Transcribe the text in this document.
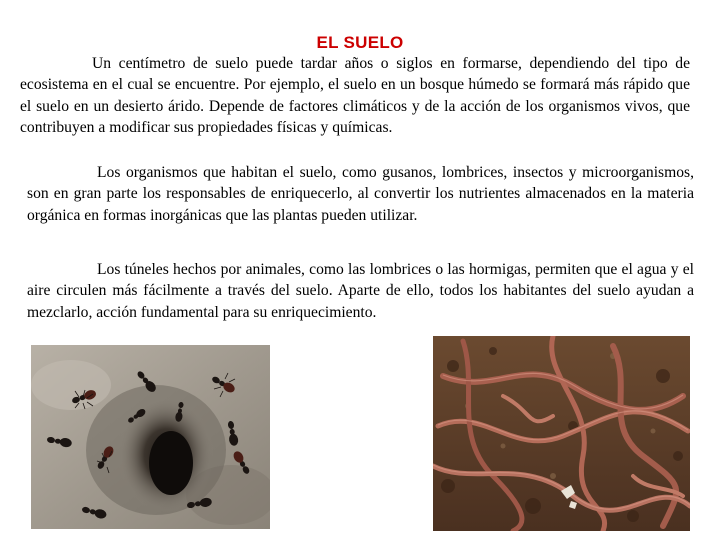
EL SUELO

Un centímetro de suelo puede tardar años o siglos en formarse, dependiendo del tipo de ecosistema en el cual se encuentre. Por ejemplo, el suelo en un bosque húmedo se formará más rápido que el suelo en un desierto árido. Depende de factores climáticos y de la acción de los organismos vivos, que contribuyen a modificar sus propiedades físicas y químicas.

Los organismos que habitan el suelo, como gusanos, lombrices, insectos y microorganismos, son en gran parte los responsables de enriquecerlo, al convertir los nutrientes almacenados en la materia orgánica en formas inorgánicas que las plantas pueden utilizar.

Los túneles hechos por animales, como las lombrices o las hormigas, permiten que el agua y el aire circulen más fácilmente a través del suelo. Aparte de ello, todos los habitantes del suelo ayudan a mezclarlo, acción fundamental para su enriquecimiento.
